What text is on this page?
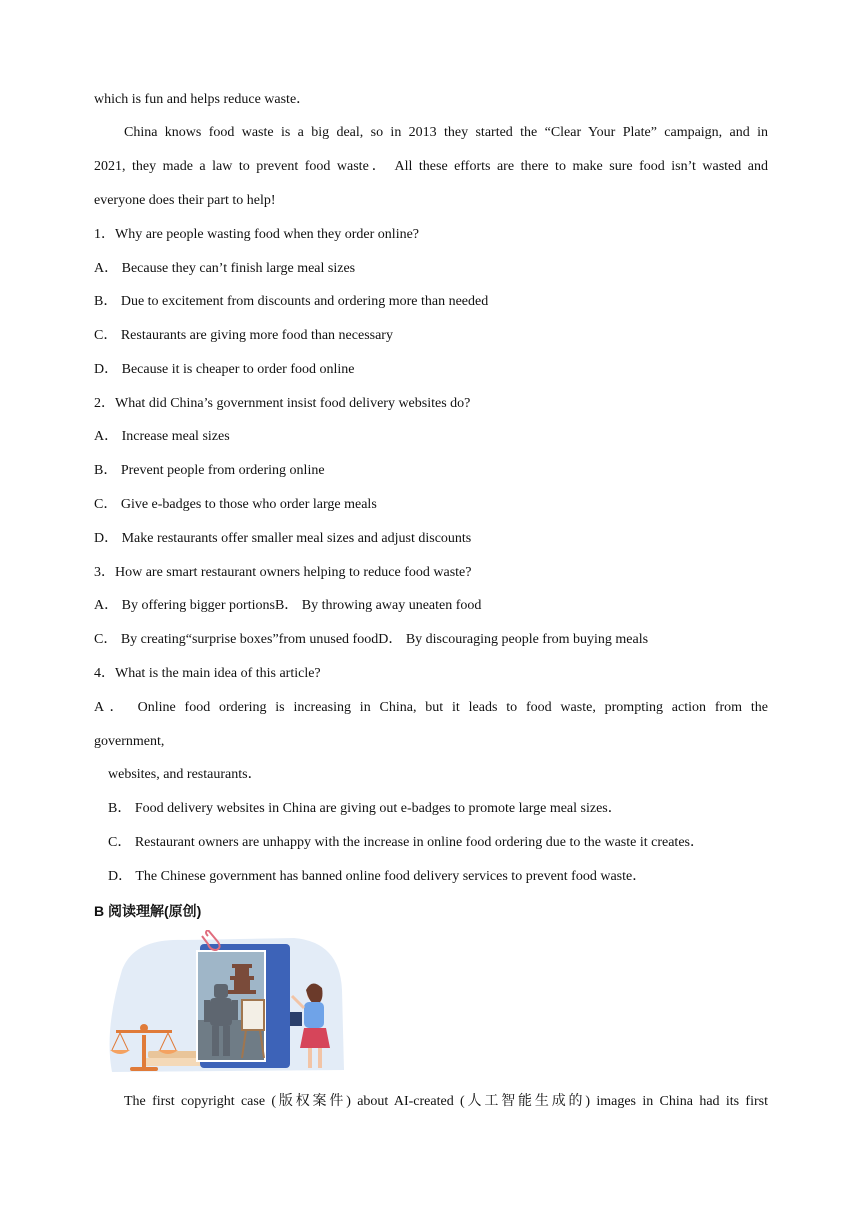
which is fun and helps reduce waste．
China knows food waste is a big deal, so in 2013 they started the “Clear Your Plate” campaign, and in
2021, they made a law to prevent food waste． All these efforts are there to make sure food isn’t wasted and
everyone does their part to help!
1．Why are people wasting food when they order online?
A． Because they can’t finish large meal sizes
B． Due to excitement from discounts and ordering more than needed
C． Restaurants are giving more food than necessary
D． Because it is cheaper to order food online
2．What did China’s government insist food delivery websites do?
A． Increase meal sizes
B． Prevent people from ordering online
C． Give e-badges to those who order large meals
D． Make restaurants offer smaller meal sizes and adjust discounts
3．How are smart restaurant owners helping to reduce food waste?
A． By offering bigger portionsB． By throwing away uneaten food
C． By creating“surprise boxes”from unused foodD． By discouraging people from buying meals
4．What is the main idea of this article?
A． Online food ordering is increasing in China, but it leads to food waste, prompting action from the
government,
websites, and restaurants．
B． Food delivery websites in China are giving out e-badges to promote large meal sizes．
C． Restaurant owners are unhappy with the increase in online food ordering due to the waste it creates．
D． The Chinese government has banned online food delivery services to prevent food waste．
B 阅读理解(原创)
The first copyright case (版权案件) about AI-created (人工智能生成的) images in China had its first
